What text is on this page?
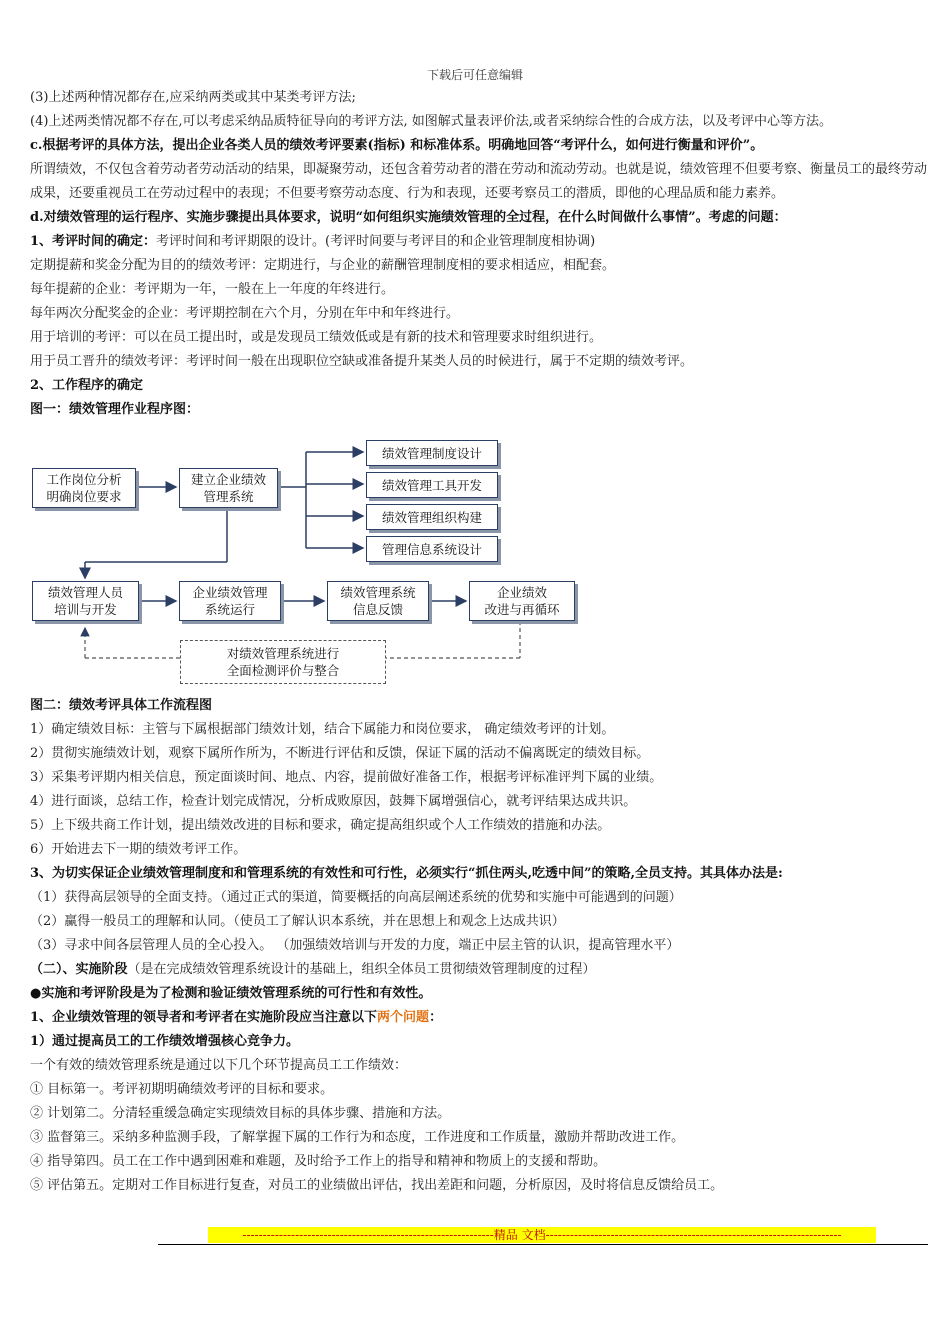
下载后可任意编辑
(3)上述两种情况都存在,应采纳两类或其中某类考评方法;
(4)上述两类情况都不存在,可以考虑采纳品质特征导向的考评方法, 如图解式量表评价法,或者采纳综合性的合成方法，以及考评中心等方法。
c.根据考评的具体方法，提出企业各类人员的绩效考评要素(指标) 和标准体系。明确地回答“考评什么，如何进行衡量和评价”。
所谓绩效，不仅包含着劳动者劳动活动的结果，即凝聚劳动，还包含着劳动者的潜在劳动和流动劳动。也就是说，绩效管理不但要考察、衡量员工的最终劳动成果，还要重视员工在劳动过程中的表现；不但要考察劳动态度、行为和表现，还要考察员工的潜质，即他的心理品质和能力素养。
d.对绩效管理的运行程序、实施步骤提出具体要求，说明“如何组织实施绩效管理的全过程，在什么时间做什么事情”。考虑的问题：
1、考评时间的确定：考评时间和考评期限的设计。(考评时间要与考评目的和企业管理制度相协调)
定期提薪和奖金分配为目的的绩效考评：定期进行，与企业的薪酬管理制度相的要求相适应，相配套。
每年提薪的企业：考评期为一年，一般在上一年度的年终进行。
每年两次分配奖金的企业：考评期控制在六个月，分别在年中和年终进行。
用于培训的考评：可以在员工提出时，或是发现员工绩效低或是有新的技术和管理要求时组织进行。
用于员工晋升的绩效考评：考评时间一般在出现职位空缺或准备提升某类人员的时候进行，属于不定期的绩效考评。
2、工作程序的确定
图一：绩效管理作业程序图：
工作岗位分析
明确岗位要求
建立企业绩效
管理系统
绩效管理制度设计
绩效管理工具开发
绩效管理组织构建
管理信息系统设计
绩效管理人员
培训与开发
企业绩效管理
系统运行
绩效管理系统
信息反馈
企业绩效
改进与再循环
对绩效管理系统进行
全面检测评价与整合
图二：绩效考评具体工作流程图
1）确定绩效目标：主管与下属根据部门绩效计划，结合下属能力和岗位要求， 确定绩效考评的计划。
2）贯彻实施绩效计划，观察下属所作所为，不断进行评估和反馈，保证下属的活动不偏离既定的绩效目标。
3）采集考评期内相关信息，预定面谈时间、地点、内容，提前做好准备工作，根据考评标准评判下属的业绩。
4）进行面谈，总结工作，检查计划完成情况，分析成败原因，鼓舞下属增强信心，就考评结果达成共识。
5）上下级共商工作计划，提出绩效改进的目标和要求，确定提高组织或个人工作绩效的措施和办法。
6）开始进去下一期的绩效考评工作。
3、为切实保证企业绩效管理制度和和管理系统的有效性和可行性，必须实行“抓住两头,吃透中间”的策略,全员支持。其具体办法是:
（1）获得高层领导的全面支持。（通过正式的渠道，简要概括的向高层阐述系统的优势和实施中可能遇到的问题）
（2）赢得一般员工的理解和认同。（使员工了解认识本系统，并在思想上和观念上达成共识）
（3）寻求中间各层管理人员的全心投入。 （加强绩效培训与开发的力度，端正中层主管的认识，提高管理水平）
（二）、实施阶段（是在完成绩效管理系统设计的基础上，组织全体员工贯彻绩效管理制度的过程）
●实施和考评阶段是为了检测和验证绩效管理系统的可行性和有效性。
1、企业绩效管理的领导者和考评者在实施阶段应当注意以下两个问题：
1）通过提高员工的工作绩效增强核心竞争力。
一个有效的绩效管理系统是通过以下几个环节提高员工工作绩效：
① 目标第一。考评初期明确绩效考评的目标和要求。
② 计划第二。分清轻重缓急确定实现绩效目标的具体步骤、措施和方法。
③ 监督第三。采纳多种监测手段，了解掌握下属的工作行为和态度，工作进度和工作质量，激励并帮助改进工作。
④ 指导第四。员工在工作中遇到困难和难题，及时给予工作上的指导和精神和物质上的支援和帮助。
⑤ 评估第五。定期对工作目标进行复查，对员工的业绩做出评估，找出差距和问题，分析原因，及时将信息反馈给员工。
--------------------------------------------------------------精品 文档-------------------------------------------------------------------------
